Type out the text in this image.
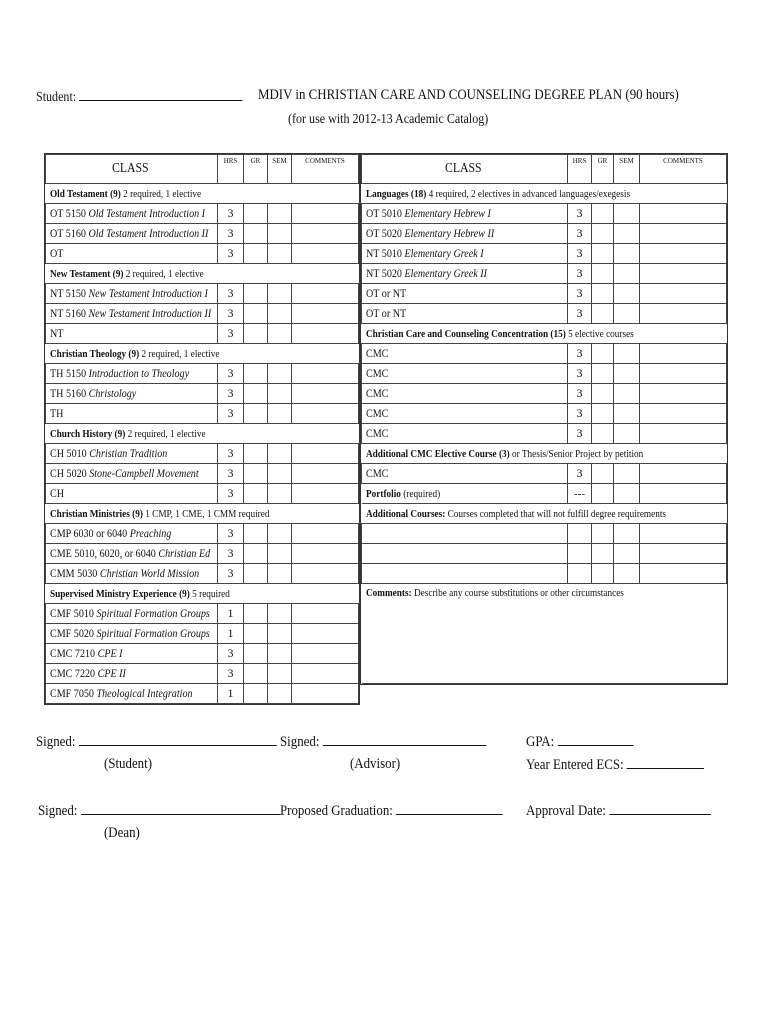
Student:	MDIV in CHRISTIAN CARE AND COUNSELING DEGREE PLAN (90 hours)
(for use with 2012-13 Academic Catalog)
CLASS	HRS	GR	SEM	COMMENTS
Old Testament (9) 2 required, 1 elective				
OT 5150 Old Testament Introduction I	3			
OT 5160 Old Testament Introduction II	3			
OT	3			
New Testament (9) 2 required, 1 elective				
NT 5150 New Testament Introduction I	3			
NT 5160 New Testament Introduction II	3			
NT	3			
Christian Theology (9) 2 required, 1 elective				
TH 5150 Introduction to Theology	3			
TH 5160 Christology	3			
TH	3			
Church History (9) 2 required, 1 elective				
CH 5010 Christian Tradition	3			
CH 5020 Stone-Campbell Movement	3			
CH	3			
Christian Ministries (9) 1 CMP, 1 CME, 1 CMM required				
CMP 6030 or 6040 Preaching	3			
CME 5010, 6020, or 6040 Christian Ed	3			
CMM 5030 Christian World Mission	3			
Supervised Ministry Experience (9) 5 required				
CMF 5010 Spiritual Formation Groups	1			
CMF 5020 Spiritual Formation Groups	1			
CMC 7210 CPE I	3			
CMC 7220 CPE II	3			
CMF 7050 Theological Integration	1			
CLASS	HRS	GR	SEM	COMMENTS
Languages (18) 4 required, 2 electives in advanced languages/exegesis				
OT 5010 Elementary Hebrew I	3			
OT 5020 Elementary Hebrew II	3			
NT 5010 Elementary Greek I	3			
NT 5020 Elementary Greek II	3			
OT or NT	3			
OT or NT	3			
Christian Care and Counseling Concentration (15) 5 elective courses				
CMC	3			
CMC	3			
CMC	3			
CMC	3			
CMC	3			
Additional CMC Elective Course (3) or Thesis/Senior Project by petition				
CMC	3			
Portfolio (required)	---			
Additional Courses: Courses completed that will not fulfill degree requirements				

Comments: Describe any course substitutions or other circumstances				
Signed:
(Student)
Signed:
(Advisor)
GPA:
Year Entered ECS:
Signed:
(Dean)
Proposed Graduation:	Approval Date:
